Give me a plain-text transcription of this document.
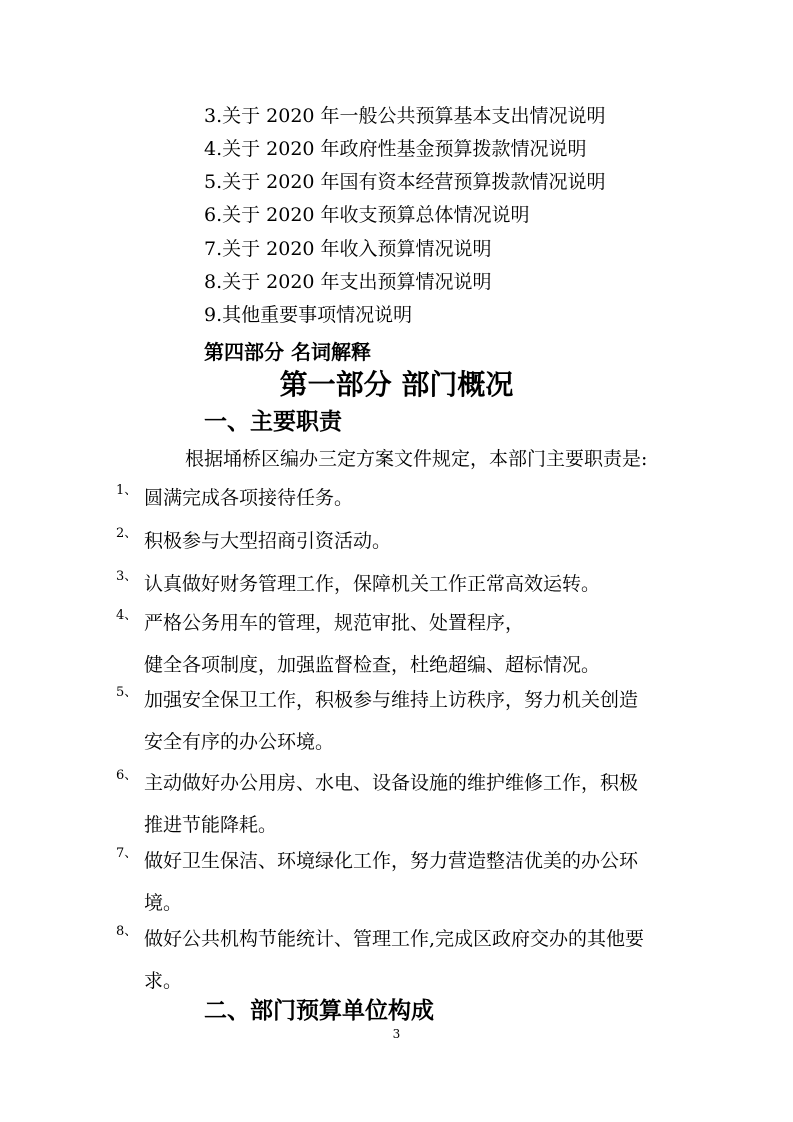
3.关于 2020 年一般公共预算基本支出情况说明
4.关于 2020 年政府性基金预算拨款情况说明
5.关于 2020 年国有资本经营预算拨款情况说明
6.关于 2020 年收支预算总体情况说明
7.关于 2020 年收入预算情况说明
8.关于 2020 年支出预算情况说明
9.其他重要事项情况说明
第四部分 名词解释
第一部分 部门概况
一、主要职责
根据埇桥区编办三定方案文件规定，本部门主要职责是:
1、 圆满完成各项接待任务。
2、 积极参与大型招商引资活动。
3、 认真做好财务管理工作，保障机关工作正常高效运转。
4、 严格公务用车的管理，规范审批、处置程序，
健全各项制度，加强监督检查，杜绝超编、超标情况。
5、 加强安全保卫工作，积极参与维持上访秩序，努力机关创造
安全有序的办公环境。
6、 主动做好办公用房、水电、设备设施的维护维修工作，积极
推进节能降耗。
7、 做好卫生保洁、环境绿化工作，努力营造整洁优美的办公环
境。
8、 做好公共机构节能统计、管理工作,完成区政府交办的其他要
求。
二、部门预算单位构成
3
